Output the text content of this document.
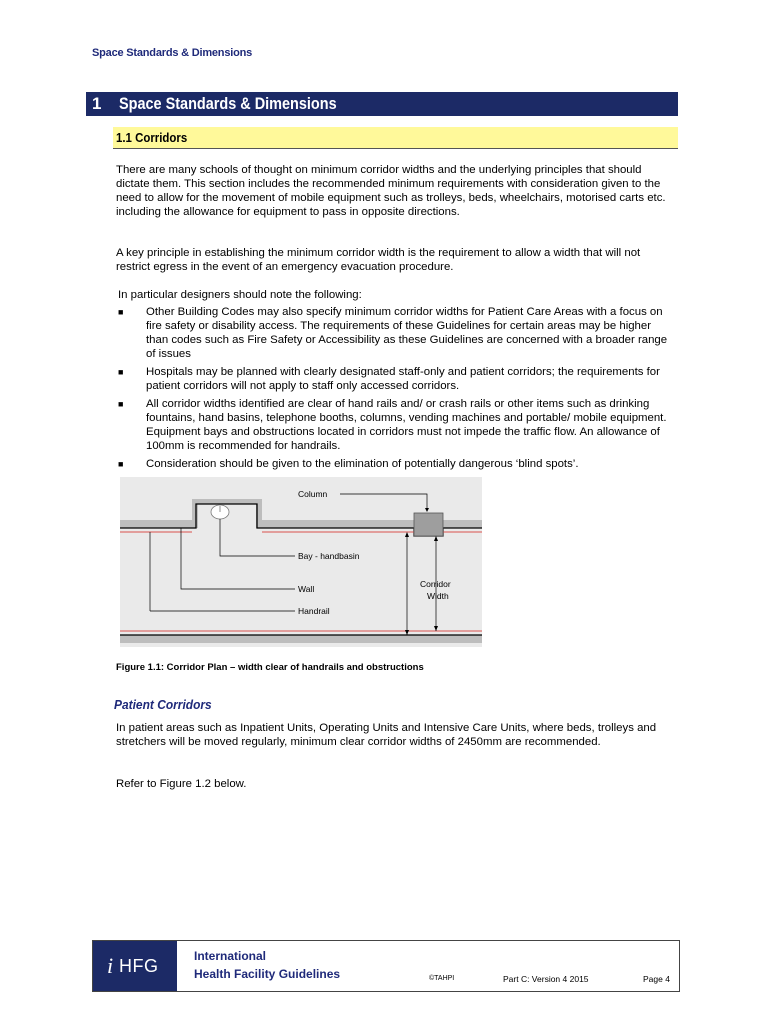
Space Standards & Dimensions
1 Space Standards & Dimensions
1.1 Corridors

There are many schools of thought on minimum corridor widths and the underlying principles that should dictate them. This section includes the recommended minimum requirements with consideration given to the need to allow for the movement of mobile equipment such as trolleys, beds, wheelchairs, motorised carts etc. including the allowance for equipment to pass in opposite directions.

A key principle in establishing the minimum corridor width is the requirement to allow a width that will not restrict egress in the event of an emergency evacuation procedure.

In particular designers should note the following:

■ Other Building Codes may also specify minimum corridor widths for Patient Care Areas with a focus on fire safety or disability access. The requirements of these Guidelines for certain areas may be higher than codes such as Fire Safety or Accessibility as these Guidelines are concerned with a broader range of issues
■ Hospitals may be planned with clearly designated staff-only and patient corridors; the requirements for patient corridors will not apply to staff only accessed corridors.
■ All corridor widths identified are clear of hand rails and/ or crash rails or other items such as drinking fountains, hand basins, telephone booths, columns, vending machines and portable/ mobile equipment. Equipment bays and obstructions located in corridors must not impede the traffic flow. An allowance of 100mm is recommended for handrails.
■ Consideration should be given to the elimination of potentially dangerous ‘blind spots’.
Column
Bay - handbasin
Wall
Handrail
Corridor
Width
Figure 1.1: Corridor Plan – width clear of handrails and obstructions
Patient Corridors

In patient areas such as Inpatient Units, Operating Units and Intensive Care Units, where beds, trolleys and stretchers will be moved regularly, minimum clear corridor widths of 2450mm are recommended.

Refer to Figure 1.2 below.

i HFG	International
Health Facility Guidelines	©TAHPI	Part C: Version 4 2015	Page 4
